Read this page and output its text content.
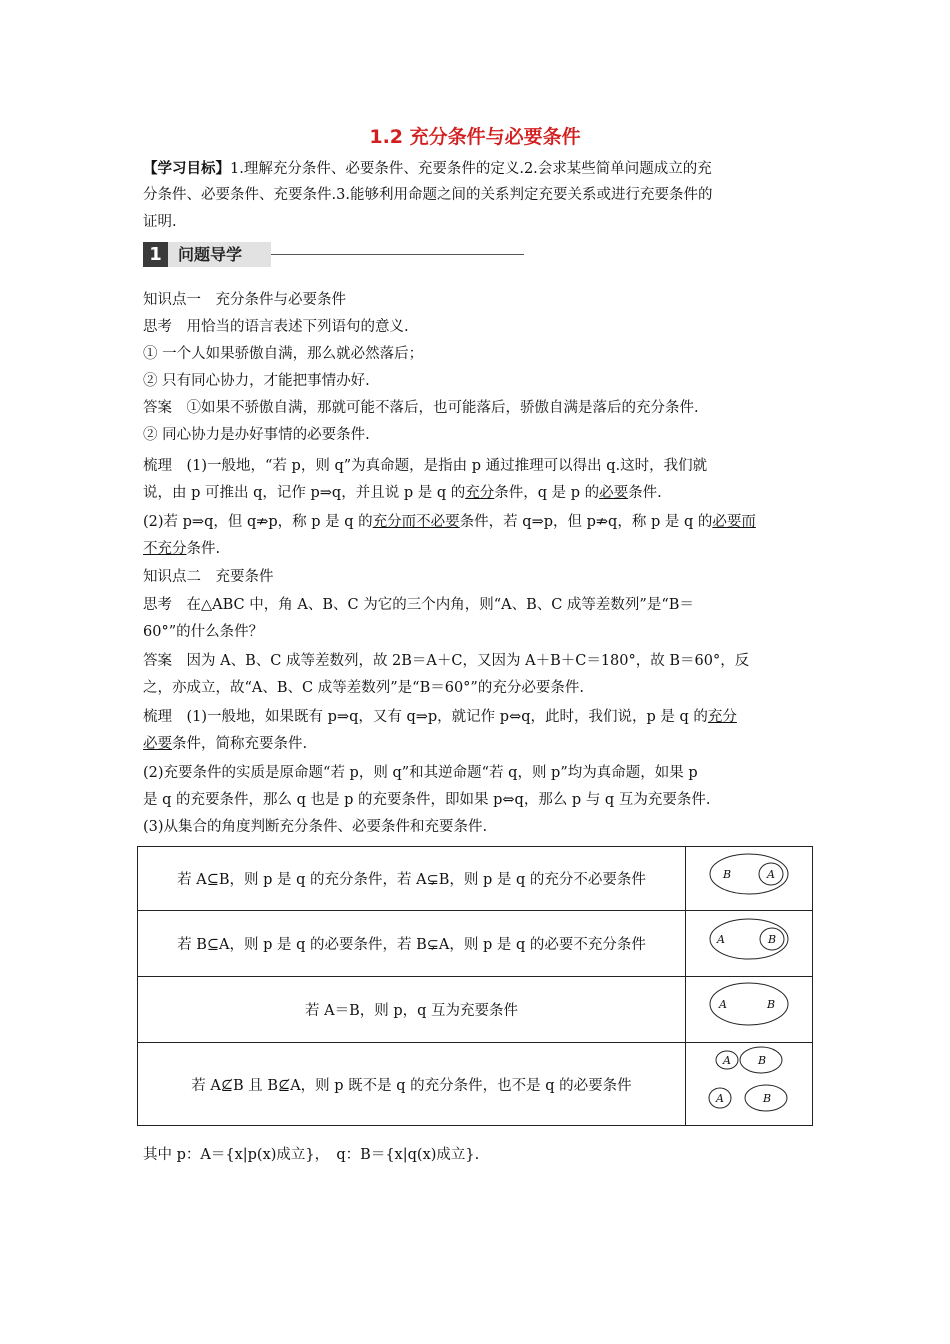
1.2 充分条件与必要条件
【学习目标】1.理解充分条件、必要条件、充要条件的定义.2.会求某些简单问题成立的充
分条件、必要条件、充要条件.3.能够利用命题之间的关系判定充要关系或进行充要条件的
证明.
1	问题导学
知识点一　充分条件与必要条件
思考　用恰当的语言表述下列语句的意义.
① 一个人如果骄傲自满，那么就必然落后；
② 只有同心协力，才能把事情办好.
答案　①如果不骄傲自满，那就可能不落后，也可能落后，骄傲自满是落后的充分条件.
② 同心协力是办好事情的必要条件.
梳理　(1)一般地，“若 p，则 q”为真命题，是指由 p 通过推理可以得出 q.这时，我们就
说，由 p 可推出 q，记作 p⇒q，并且说 p 是 q 的充分条件，q 是 p 的必要条件.
(2)若 p⇒q，但 q⇏p，称 p 是 q 的充分而不必要条件，若 q⇒p，但 p⇏q，称 p 是 q 的必要而
不充分条件.
知识点二　充要条件
思考　在△ABC 中，角 A、B、C 为它的三个内角，则“A、B、C 成等差数列”是“B＝
60°”的什么条件？
答案　因为 A、B、C 成等差数列，故 2B＝A＋C，又因为 A＋B＋C＝180°，故 B＝60°，反
之，亦成立，故“A、B、C 成等差数列”是“B＝60°”的充分必要条件.
梳理　(1)一般地，如果既有 p⇒q，又有 q⇒p，就记作 p⇔q，此时，我们说，p 是 q 的充分
必要条件，简称充要条件.
(2)充要条件的实质是原命题“若 p，则 q”和其逆命题“若 q，则 p”均为真命题，如果 p
是 q 的充要条件，那么 q 也是 p 的充要条件，即如果 p⇔q，那么 p 与 q 互为充要条件.
(3)从集合的角度判断充分条件、必要条件和充要条件.
若 A⊆B，则 p 是 q 的充分条件，若 A⊊B，则 p 是 q 的充分不必要条件	B A

若 B⊆A，则 p 是 q 的必要条件，若 B⊊A，则 p 是 q 的必要不充分条件	A B

若 A＝B，则 p，q 互为充要条件	A B

若 A⊈B 且 B⊈A，则 p 既不是 q 的充分条件，也不是 q 的必要条件	A B
A B
其中 p：A＝{x|p(x)成立}，　q：B＝{x|q(x)成立}.
